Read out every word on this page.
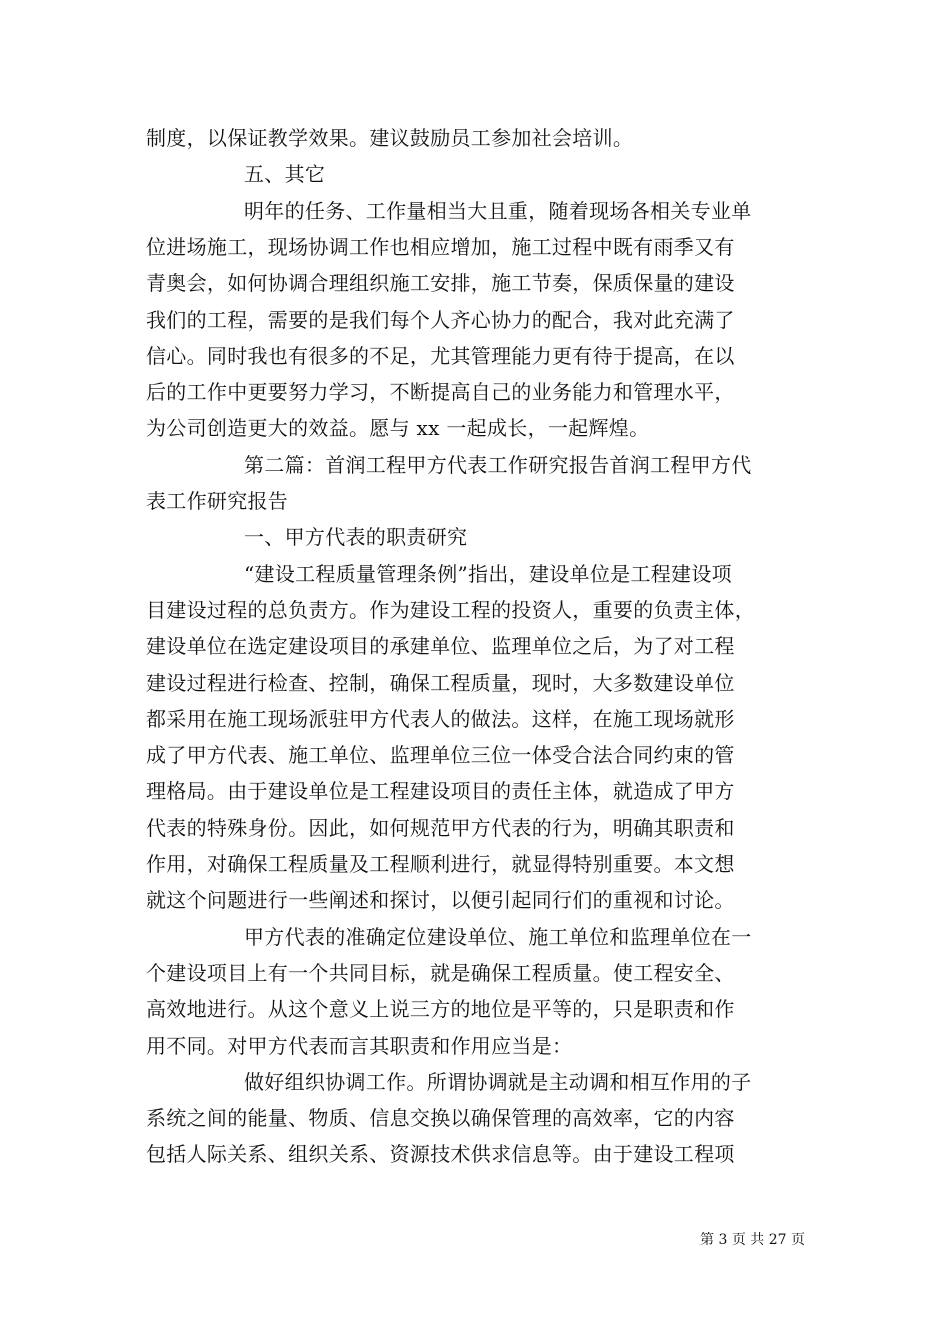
制度，以保证教学效果。建议鼓励员工参加社会培训。
五、其它
明年的任务、工作量相当大且重，随着现场各相关专业单
位进场施工，现场协调工作也相应增加，施工过程中既有雨季又有
青奥会，如何协调合理组织施工安排，施工节奏，保质保量的建设
我们的工程，需要的是我们每个人齐心协力的配合，我对此充满了
信心。同时我也有很多的不足，尤其管理能力更有待于提高，在以
后的工作中更要努力学习，不断提高自己的业务能力和管理水平，
为公司创造更大的效益。愿与 xx 一起成长，一起辉煌。
第二篇：首润工程甲方代表工作研究报告首润工程甲方代
表工作研究报告
一、甲方代表的职责研究
“建设工程质量管理条例”指出，建设单位是工程建设项
目建设过程的总负责方。作为建设工程的投资人，重要的负责主体，
建设单位在选定建设项目的承建单位、监理单位之后，为了对工程
建设过程进行检查、控制，确保工程质量，现时，大多数建设单位
都采用在施工现场派驻甲方代表人的做法。这样，在施工现场就形
成了甲方代表、施工单位、监理单位三位一体受合法合同约束的管
理格局。由于建设单位是工程建设项目的责任主体，就造成了甲方
代表的特殊身份。因此，如何规范甲方代表的行为，明确其职责和
作用，对确保工程质量及工程顺利进行，就显得特别重要。本文想
就这个问题进行一些阐述和探讨，以便引起同行们的重视和讨论。
甲方代表的准确定位建设单位、施工单位和监理单位在一
个建设项目上有一个共同目标，就是确保工程质量。使工程安全、
高效地进行。从这个意义上说三方的地位是平等的，只是职责和作
用不同。对甲方代表而言其职责和作用应当是：
做好组织协调工作。所谓协调就是主动调和相互作用的子
系统之间的能量、物质、信息交换以确保管理的高效率，它的内容
包括人际关系、组织关系、资源技术供求信息等。由于建设工程项
第 3 页 共 27 页
